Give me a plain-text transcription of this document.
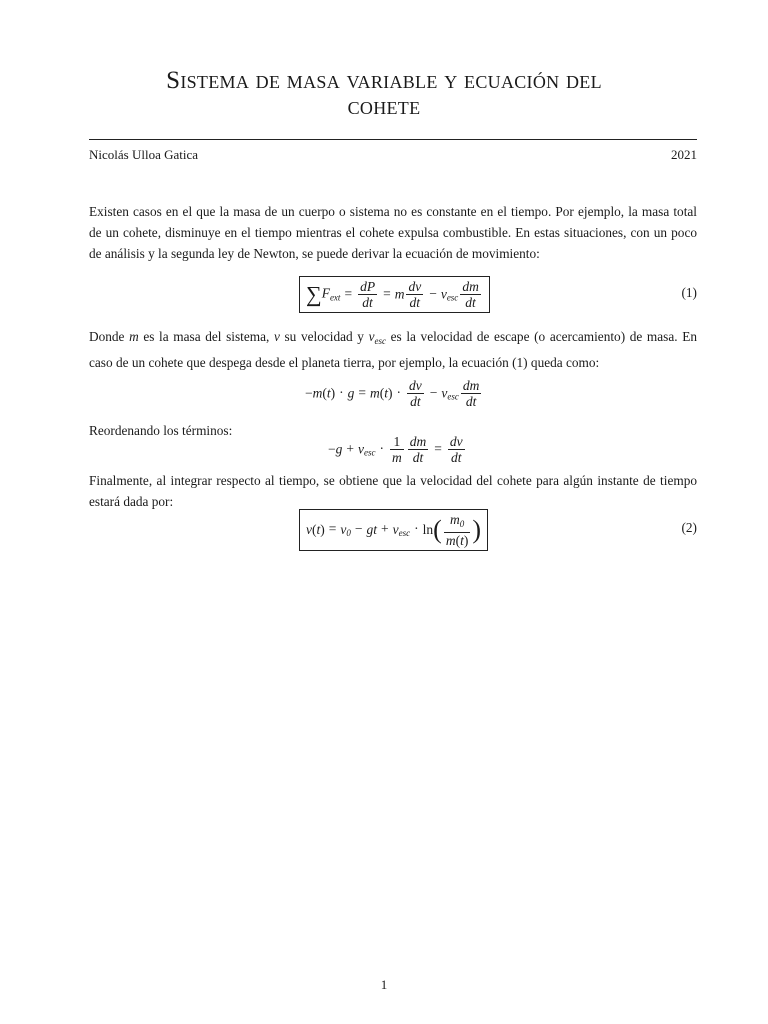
Sistema de masa variable y ecuación del
cohete
Nicolás Ulloa Gatica	2021
Existen casos en el que la masa de un cuerpo o sistema no es constante en el tiempo. Por ejemplo, la masa total
de un cohete, disminuye en el tiempo mientras el cohete expulsa combustible. En estas situaciones, con un poco
de análisis y la segunda ley de Newton, se puede derivar la ecuación de movimiento:
$\sum F_{ext} = \frac{dP}{dt} = m \frac{dv}{dt} - v_{esc} \frac{dm}{dt}$	(1)
Donde m es la masa del sistema, v su velocidad y $v_{esc}$ es la velocidad de escape (o acercamiento) de masa. En
caso de un cohete que despega desde el planeta tierra, por ejemplo, la ecuación (1) queda como:
$-m(t) \cdot g = m(t) \cdot \frac{dv}{dt} - v_{esc} \frac{dm}{dt}$
Reordenando los términos:
$-g + v_{esc} \cdot \frac{1}{m} \frac{dm}{dt} = \frac{dv}{dt}$
Finalmente, al integrar respecto al tiempo, se obtiene que la velocidad del cohete para algún instante de tiempo
estará dada por:
$v(t) = v_0$ − gt + $v_{esc} \cdot \ln( \frac{m_0}{m(t)}$ )	(2)
1
